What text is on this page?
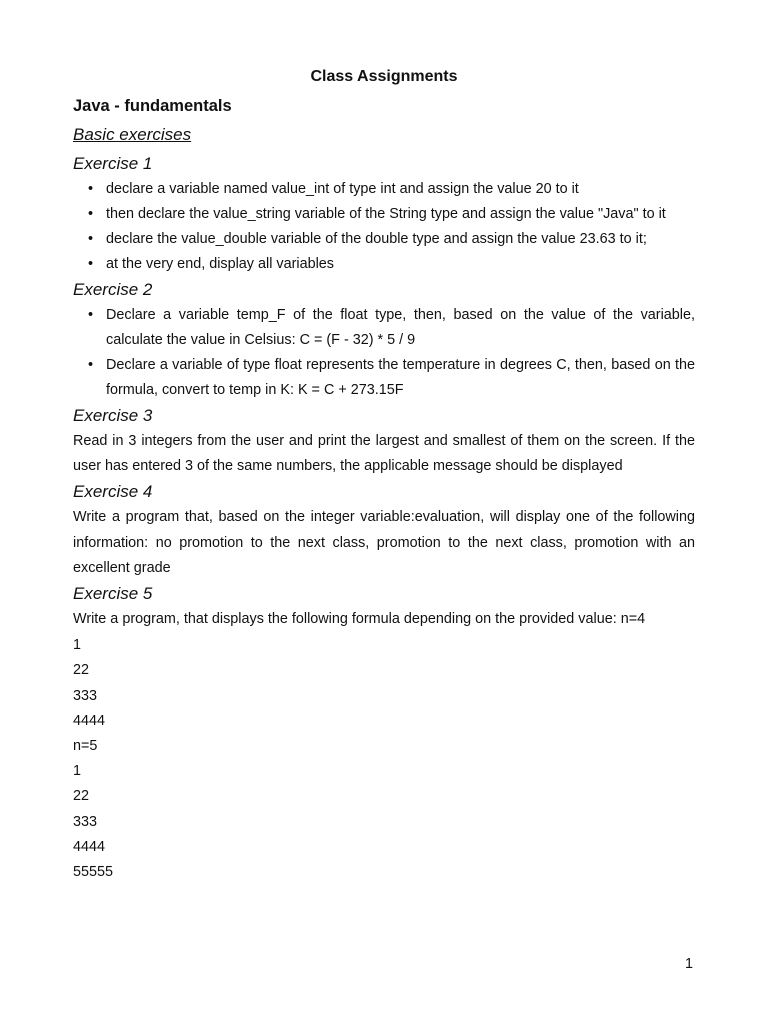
Class Assignments
Java - fundamentals
Basic exercises
Exercise 1
• declare a variable named value_int of type int and assign the value 20 to it
• then declare the value_string variable of the String type and assign the value "Java" to it
• declare the value_double variable of the double type and assign the value 23.63 to it;
• at the very end, display all variables
Exercise 2
• Declare a variable temp_F of the float type, then, based on the value of the variable, calculate the value in Celsius: C = (F - 32) * 5 / 9
• Declare a variable of type float represents the temperature in degrees C, then, based on the formula, convert to temp in K: K = C + 273.15F
Exercise 3

Read in 3 integers from the user and print the largest and smallest of them on the screen. If the user has entered 3 of the same numbers, the applicable message should be displayed

Exercise 4

Write a program that, based on the integer variable:evaluation, will display one of the following information: no promotion to the next class, promotion to the next class, promotion with an excellent grade

Exercise 5

Write a program, that displays the following formula depending on the provided value: n=4

1
22
333
4444
n=5
1
22
333
4444
55555
1
